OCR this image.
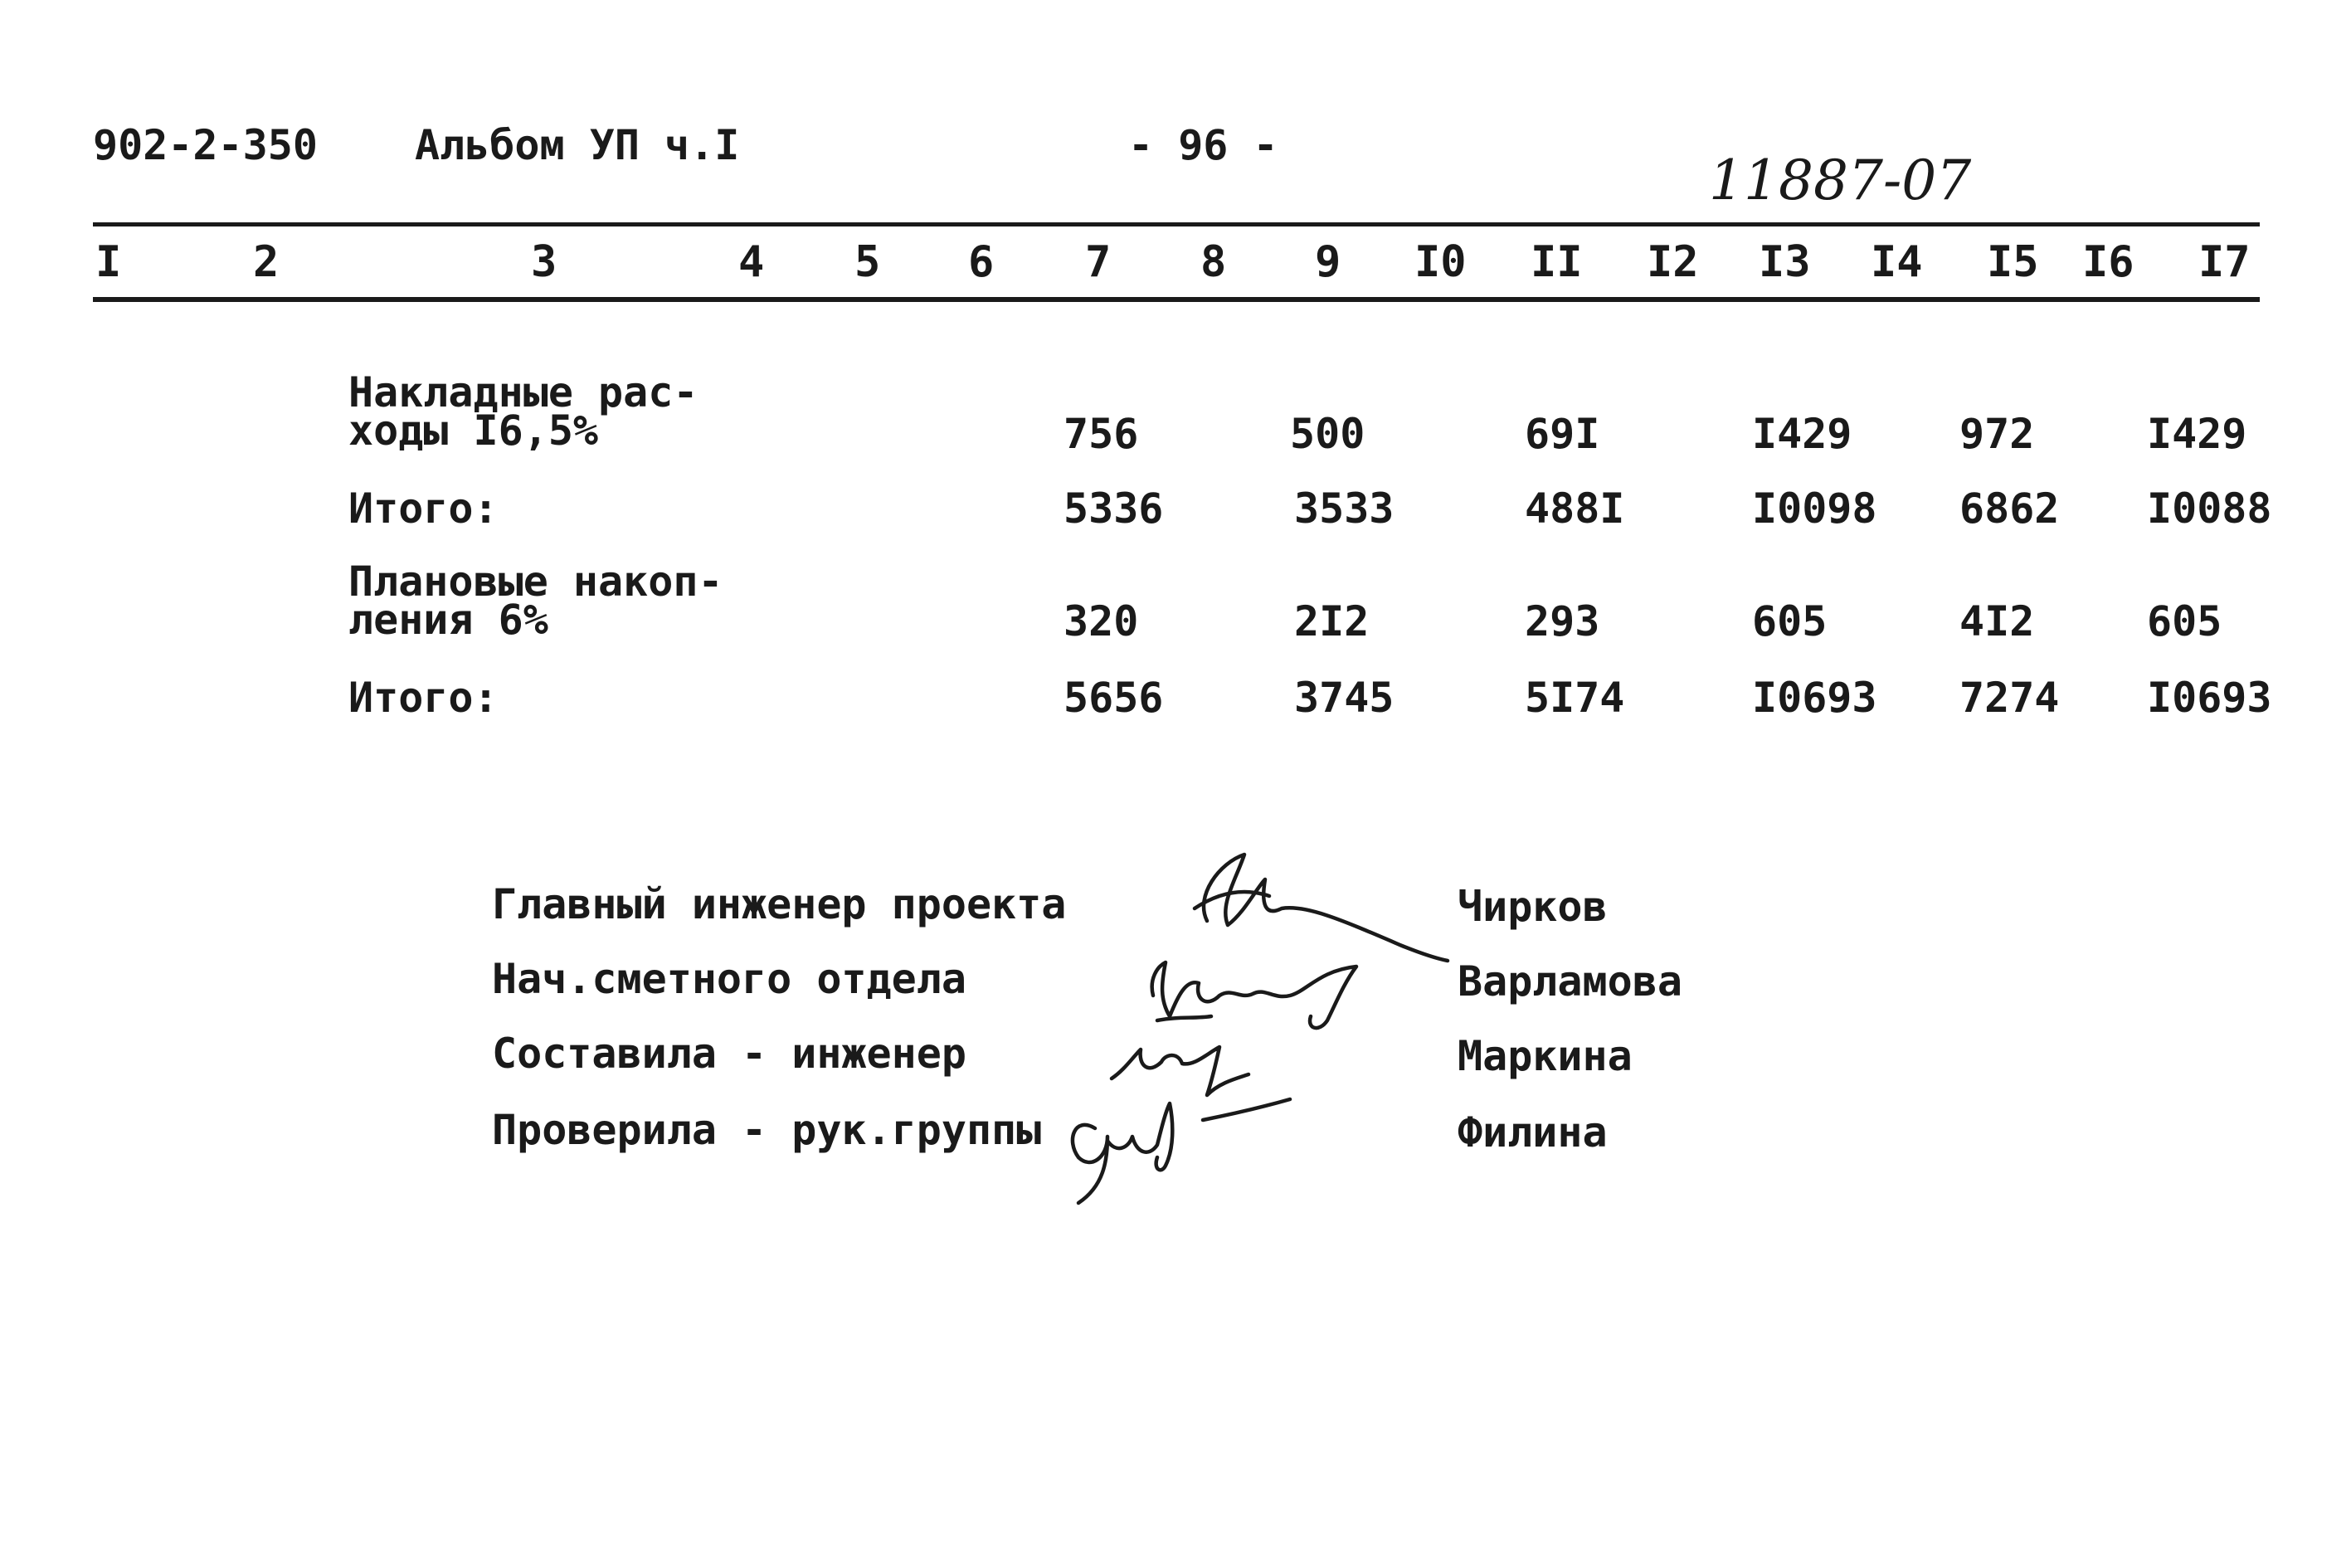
902-2-350 Альбом УП ч.I	- 96 -
11887-07
I	2	3	4 5 6 7 8 9 I0 II I2 I3 I4 I5 I6 I7
Накладные рас-
ходы I6,5%	756	500	69I	I429	972	I429
Итого:	5336	3533	488I	I0098 6862 I0088
Плановые накоп-
ления 6%	320	2I2	293	605	4I2	605
Итого:	5656	3745	5I74	I0693 7274 I0693
Главный инженер проекта	Чирков
Нач.сметного отдела	Варламова
Составила - инженер	Маркина
Проверила - рук.группы	Филина
